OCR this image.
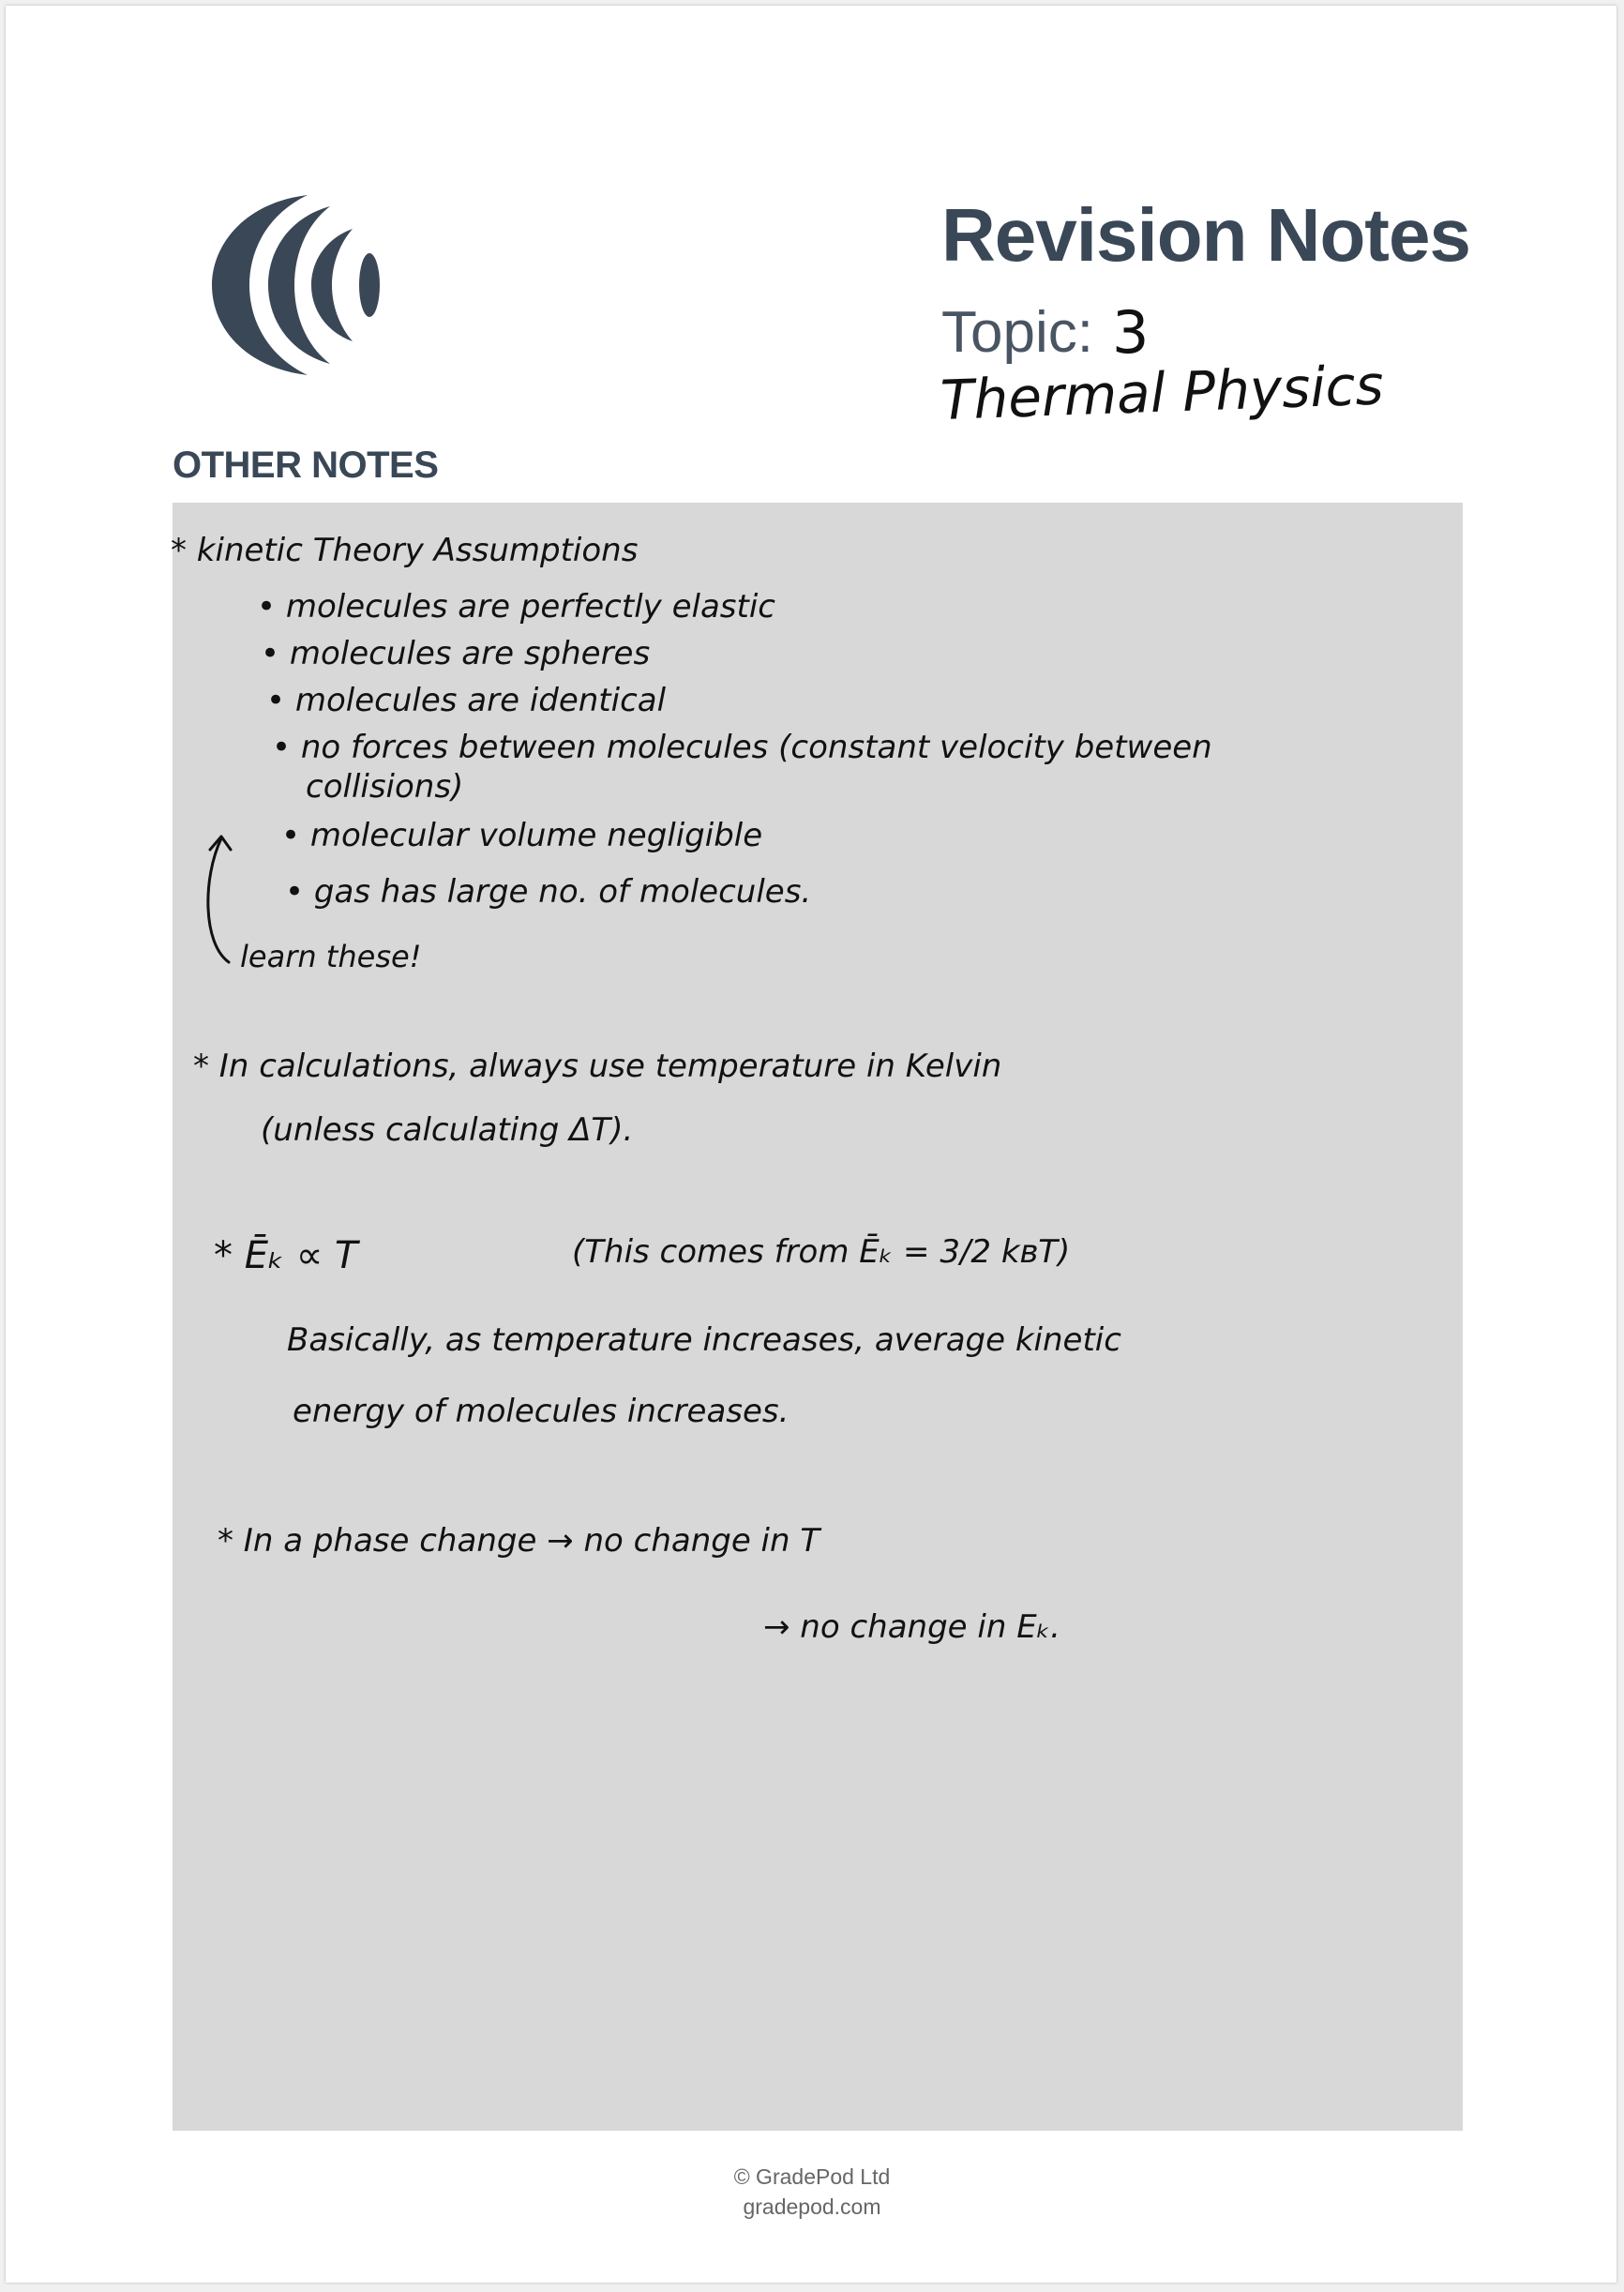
Revision Notes
Topic: 3
Thermal Physics
OTHER NOTES
* kinetic Theory Assumptions
• molecules are perfectly elastic
• molecules are spheres
• molecules are identical
• no forces between molecules (constant velocity between
collisions)
• molecular volume negligible
• gas has large no. of molecules.
learn these!
* In calculations, always use temperature in Kelvin
(unless calculating ΔT).
* Ēₖ ∝ T	(This comes from Ēₖ = 3/2 kʙT)
Basically, as temperature increases, average kinetic
energy of molecules increases.
* In a phase change → no change in T
→ no change in Eₖ.
© GradePod Ltd
gradepod.com
